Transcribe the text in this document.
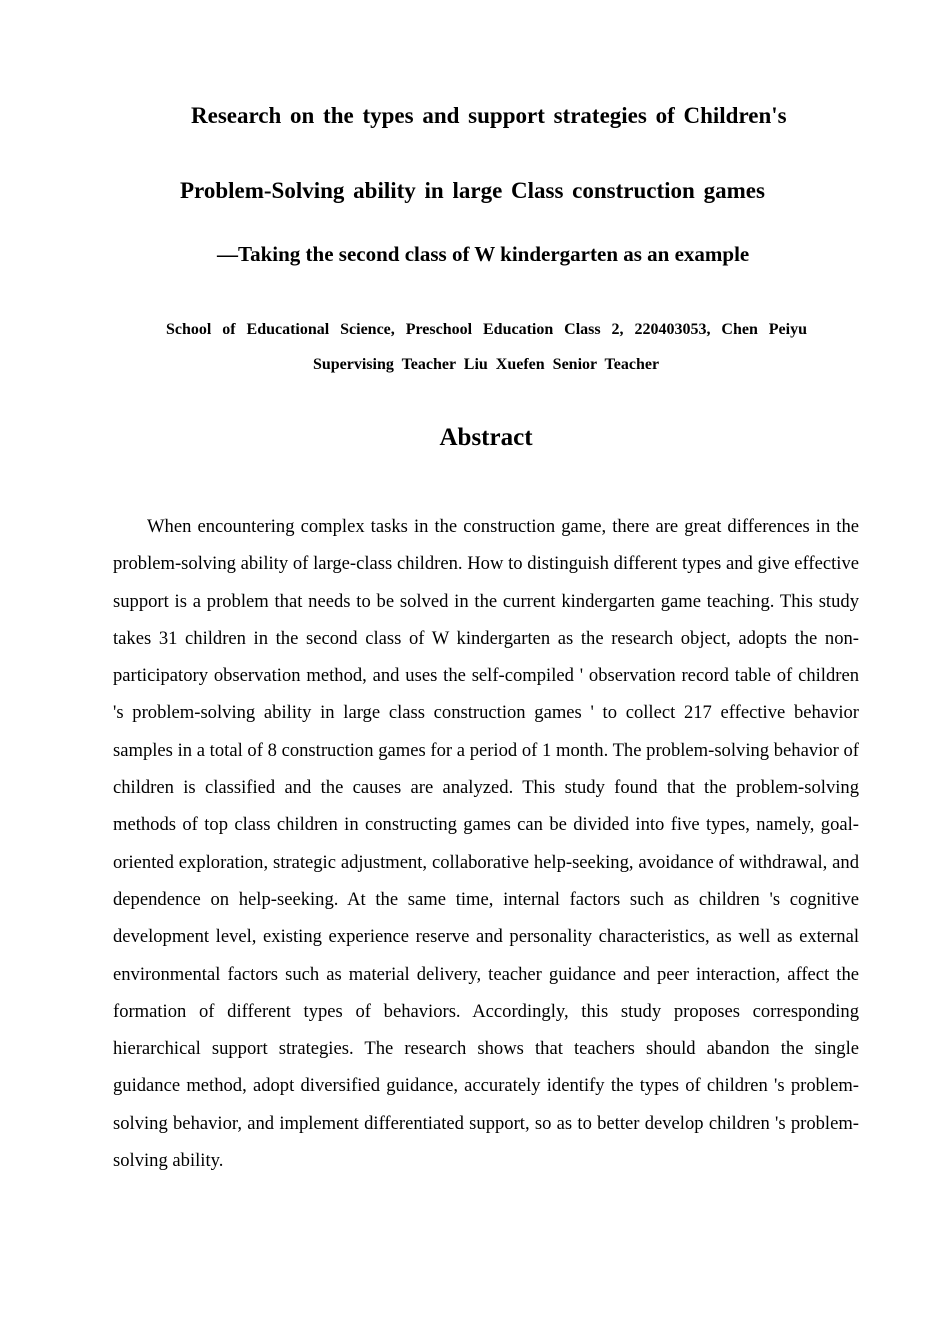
Research on the types and support strategies of Children's
Problem-Solving ability in large Class construction games
—Taking the second class of W kindergarten as an example
School of Educational Science, Preschool Education Class 2, 220403053, Chen Peiyu
Supervising Teacher Liu Xuefen Senior Teacher
Abstract

When encountering complex tasks in the construction game, there are great differences in the problem-solving ability of large-class children. How to distinguish different types and give effective support is a problem that needs to be solved in the current kindergarten game teaching. This study takes 31 children in the second class of W kindergarten as the research object, adopts the non-participatory observation method, and uses the self-compiled ' observation record table of children 's problem-solving ability in large class construction games ' to collect 217 effective behavior samples in a total of 8 construction games for a period of 1 month. The problem-solving behavior of children is classified and the causes are analyzed. This study found that the problem-solving methods of top class children in constructing games can be divided into five types, namely, goal-oriented exploration, strategic adjustment, collaborative help-seeking, avoidance of withdrawal, and dependence on help-seeking. At the same time, internal factors such as children 's cognitive development level, existing experience reserve and personality characteristics, as well as external environmental factors such as material delivery, teacher guidance and peer interaction, affect the formation of different types of behaviors. Accordingly, this study proposes corresponding hierarchical support strategies. The research shows that teachers should abandon the single guidance method, adopt diversified guidance, accurately identify the types of children 's problem-solving behavior, and implement differentiated support, so as to better develop children 's problem-solving ability.
